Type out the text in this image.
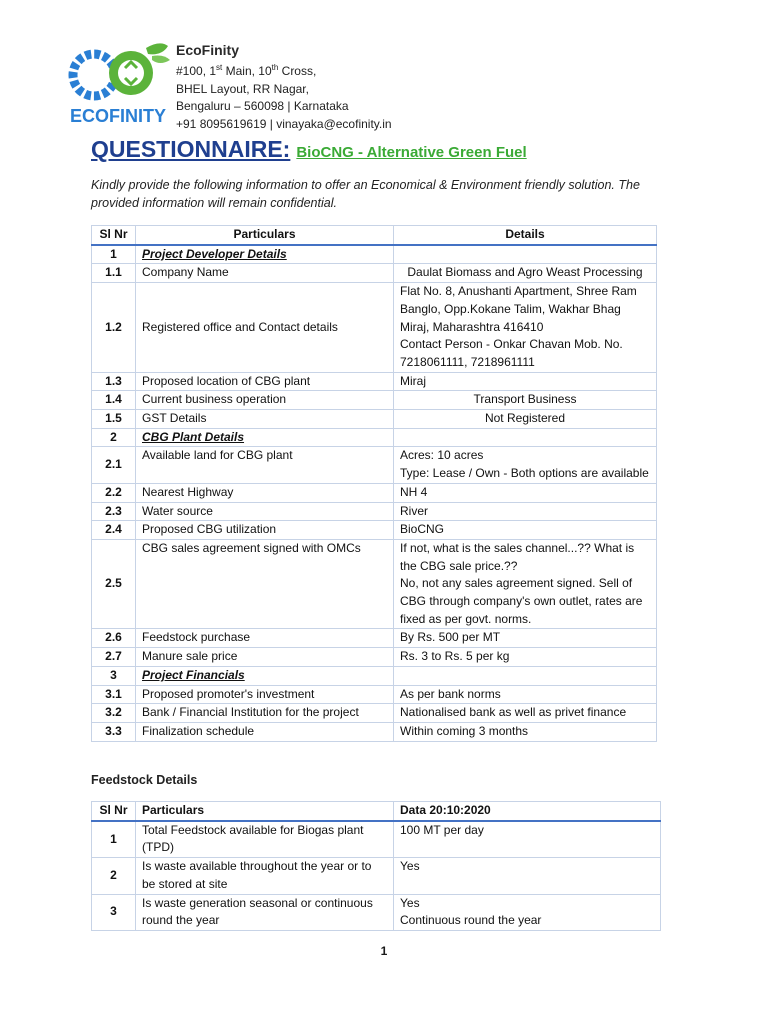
ECOFINITY
EcoFinity
#100, 1st Main, 10th Cross,
BHEL Layout, RR Nagar,
Bengaluru – 560098 | Karnataka
+91 8095619619 | vinayaka@ecofinity.in
QUESTIONNAIRE: BioCNG - Alternative Green Fuel
Kindly provide the following information to offer an Economical & Environment friendly solution. The provided information will remain confidential.
Sl Nr	Particulars	Details
1	Project Developer Details	
1.1	Company Name	Daulat Biomass and Agro Weast Processing
1.2	Registered office and Contact details	Flat No. 8, Anushanti Apartment, Shree Ram Banglo, Opp.Kokane Talim, Wakhar Bhag Miraj, Maharashtra 416410
Contact Person - Onkar Chavan Mob. No. 7218061111, 7218961111

1.3	Proposed location of CBG plant	Miraj
1.4	Current business operation	Transport Business
1.5	GST Details	Not Registered
2	CBG Plant Details	
2.1	Available land for CBG plant	Acres: 10 acres
Type: Lease / Own - Both options are available

2.2	Nearest Highway	NH 4
2.3	Water source	River
2.4	Proposed CBG utilization	BioCNG
2.5	CBG sales agreement signed with OMCs	If not, what is the sales channel...?? What is the CBG sale price.??
No, not any sales agreement signed. Sell of CBG through company's own outlet, rates are fixed as per govt. norms.

2.6	Feedstock purchase	By Rs. 500 per MT
2.7	Manure sale price	Rs. 3 to Rs. 5 per kg
3	Project Financials	
3.1	Proposed promoter's investment	As per bank norms
3.2	Bank / Financial Institution for the project	Nationalised bank as well as privet finance
3.3	Finalization schedule	Within coming 3 months
Feedstock Details
Sl Nr	Particulars	Data 20:10:2020
1	Total Feedstock available for Biogas plant (TPD)	100 MT per day
2	Is waste available throughout the year or to be stored at site	Yes
3	Is waste generation seasonal or continuous round the year	Yes
Continuous round the year
1
